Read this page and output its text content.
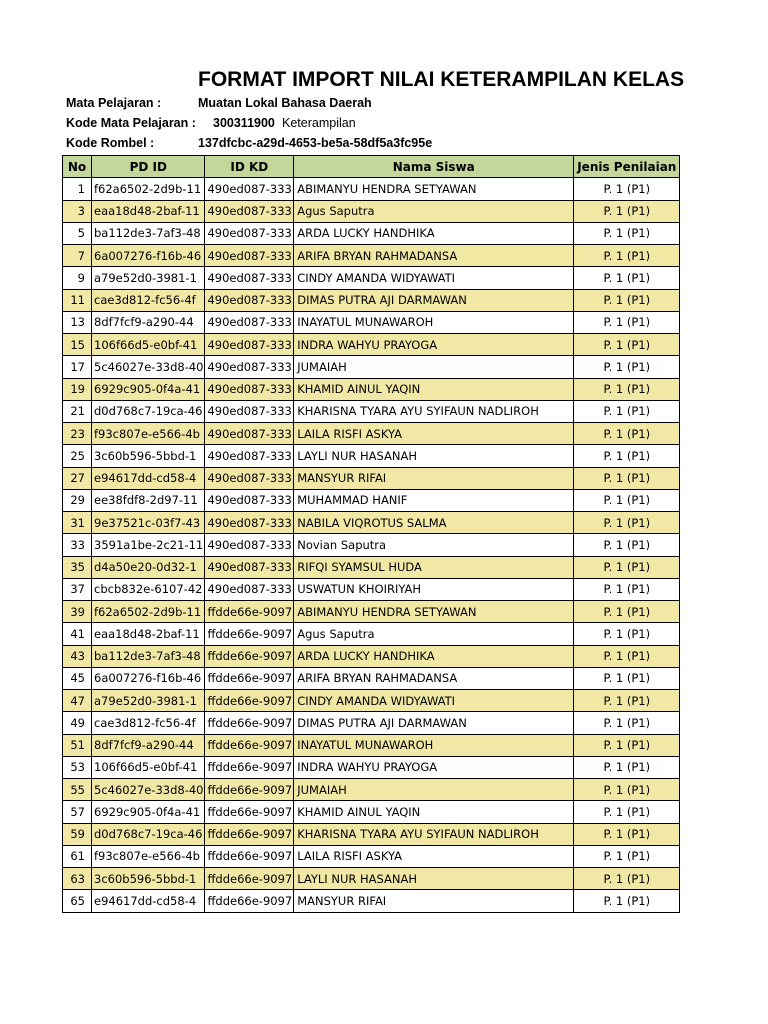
FORMAT IMPORT NILAI KETERAMPILAN KELAS
Mata Pelajaran :	Muatan Lokal Bahasa Daerah
Kode Mata Pelajaran : 300311900 Keterampilan
Kode Rombel :	137dfcbc-a29d-4653-be5a-58df5a3fc95e
No	PD ID	ID KD	Nama Siswa	Jenis Penilaian
1	f62a6502-2d9b-11	490ed087-333	ABIMANYU HENDRA SETYAWAN	P. 1 (P1)
3	eaa18d48-2baf-11	490ed087-333	Agus Saputra	P. 1 (P1)
5	ba112de3-7af3-48	490ed087-333	ARDA LUCKY HANDHIKA	P. 1 (P1)
7	6a007276-f16b-46	490ed087-333	ARIFA BRYAN RAHMADANSA	P. 1 (P1)
9	a79e52d0-3981-1	490ed087-333	CINDY AMANDA WIDYAWATI	P. 1 (P1)
11	cae3d812-fc56-4f	490ed087-333	DIMAS PUTRA AJI DARMAWAN	P. 1 (P1)
13	8df7fcf9-a290-44	490ed087-333	INAYATUL MUNAWAROH	P. 1 (P1)
15	106f66d5-e0bf-41	490ed087-333	INDRA WAHYU PRAYOGA	P. 1 (P1)
17	5c46027e-33d8-40	490ed087-333	JUMAIAH	P. 1 (P1)
19	6929c905-0f4a-41	490ed087-333	KHAMID AINUL YAQIN	P. 1 (P1)
21	d0d768c7-19ca-46	490ed087-333	KHARISNA TYARA AYU SYIFAUN NADLIROH	P. 1 (P1)
23	f93c807e-e566-4b	490ed087-333	LAILA RISFI ASKYA	P. 1 (P1)
25	3c60b596-5bbd-1	490ed087-333	LAYLI NUR HASANAH	P. 1 (P1)
27	e94617dd-cd58-4	490ed087-333	MANSYUR RIFAI	P. 1 (P1)
29	ee38fdf8-2d97-11	490ed087-333	MUHAMMAD HANIF	P. 1 (P1)
31	9e37521c-03f7-43	490ed087-333	NABILA VIQROTUS SALMA	P. 1 (P1)
33	3591a1be-2c21-11	490ed087-333	Novian Saputra	P. 1 (P1)
35	d4a50e20-0d32-1	490ed087-333	RIFQI SYAMSUL HUDA	P. 1 (P1)
37	cbcb832e-6107-42	490ed087-333	USWATUN KHOIRIYAH	P. 1 (P1)
39	f62a6502-2d9b-11	ffdde66e-9097	ABIMANYU HENDRA SETYAWAN	P. 1 (P1)
41	eaa18d48-2baf-11	ffdde66e-9097	Agus Saputra	P. 1 (P1)
43	ba112de3-7af3-48	ffdde66e-9097	ARDA LUCKY HANDHIKA	P. 1 (P1)
45	6a007276-f16b-46	ffdde66e-9097	ARIFA BRYAN RAHMADANSA	P. 1 (P1)
47	a79e52d0-3981-1	ffdde66e-9097	CINDY AMANDA WIDYAWATI	P. 1 (P1)
49	cae3d812-fc56-4f	ffdde66e-9097	DIMAS PUTRA AJI DARMAWAN	P. 1 (P1)
51	8df7fcf9-a290-44	ffdde66e-9097	INAYATUL MUNAWAROH	P. 1 (P1)
53	106f66d5-e0bf-41	ffdde66e-9097	INDRA WAHYU PRAYOGA	P. 1 (P1)
55	5c46027e-33d8-40	ffdde66e-9097	JUMAIAH	P. 1 (P1)
57	6929c905-0f4a-41	ffdde66e-9097	KHAMID AINUL YAQIN	P. 1 (P1)
59	d0d768c7-19ca-46	ffdde66e-9097	KHARISNA TYARA AYU SYIFAUN NADLIROH	P. 1 (P1)
61	f93c807e-e566-4b	ffdde66e-9097	LAILA RISFI ASKYA	P. 1 (P1)
63	3c60b596-5bbd-1	ffdde66e-9097	LAYLI NUR HASANAH	P. 1 (P1)
65	e94617dd-cd58-4	ffdde66e-9097	MANSYUR RIFAI	P. 1 (P1)
